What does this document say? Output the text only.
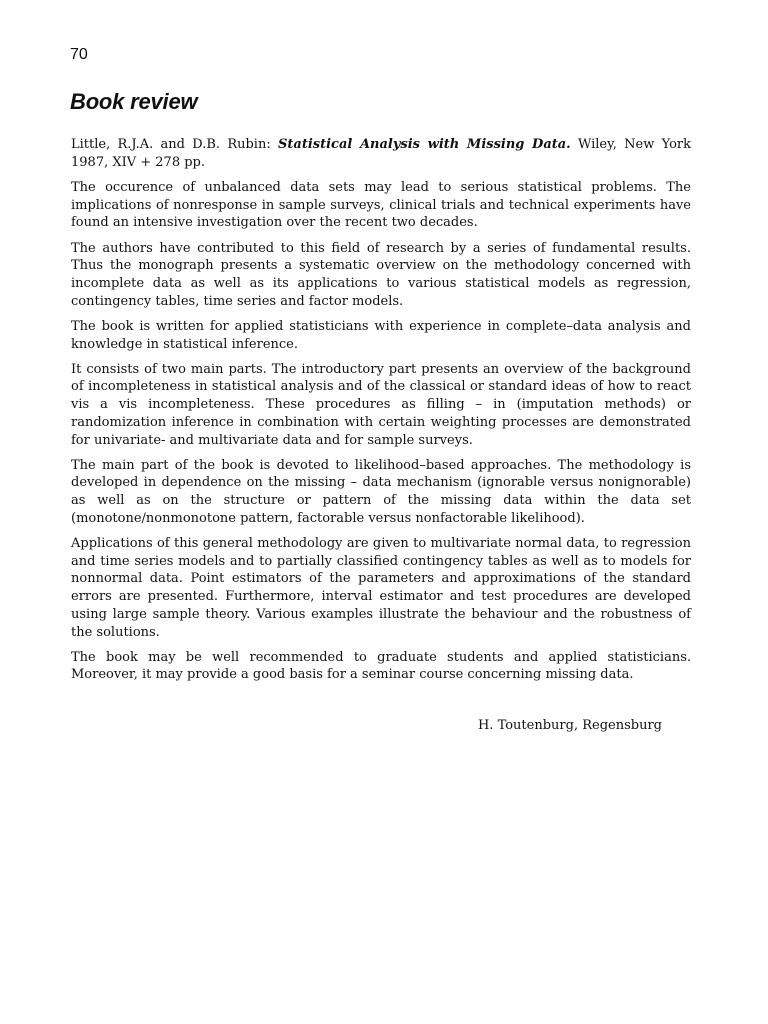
70
Book review

Little, R.J.A. and D.B. Rubin: Statistical Analysis with Missing Data. Wiley, New York 1987, XIV + 278 pp.

The occurence of unbalanced data sets may lead to serious statistical problems. The implications of nonresponse in sample surveys, clinical trials and technical experiments have found an intensive investigation over the recent two decades.

The authors have contributed to this field of research by a series of fundamental results. Thus the monograph presents a systematic overview on the methodology concerned with incomplete data as well as its applications to various statistical models as regression, contingency tables, time series and factor models.

The book is written for applied statisticians with experience in complete–data analysis and knowledge in statistical inference.

It consists of two main parts. The introductory part presents an overview of the background of incompleteness in statistical analysis and of the classical or standard ideas of how to react vis a vis incompleteness. These procedures as filling – in (imputation methods) or randomization inference in combination with certain weighting processes are demonstrated for univariate- and multivariate data and for sample surveys.

The main part of the book is devoted to likelihood–based approaches. The methodology is developed in dependence on the missing – data mechanism (ignorable versus nonignorable) as well as on the structure or pattern of the missing data within the data set (monotone/nonmonotone pattern, factorable versus nonfactorable likelihood).

Applications of this general methodology are given to multivariate normal data, to regression and time series models and to partially classified contingency tables as well as to models for nonnormal data. Point estimators of the parameters and approximations of the standard errors are presented. Furthermore, interval estimator and test procedures are developed using large sample theory. Various examples illustrate the behaviour and the robustness of the solutions.

The book may be well recommended to graduate students and applied statisticians. Moreover, it may provide a good basis for a seminar course concerning missing data.

H. Toutenburg, Regensburg
